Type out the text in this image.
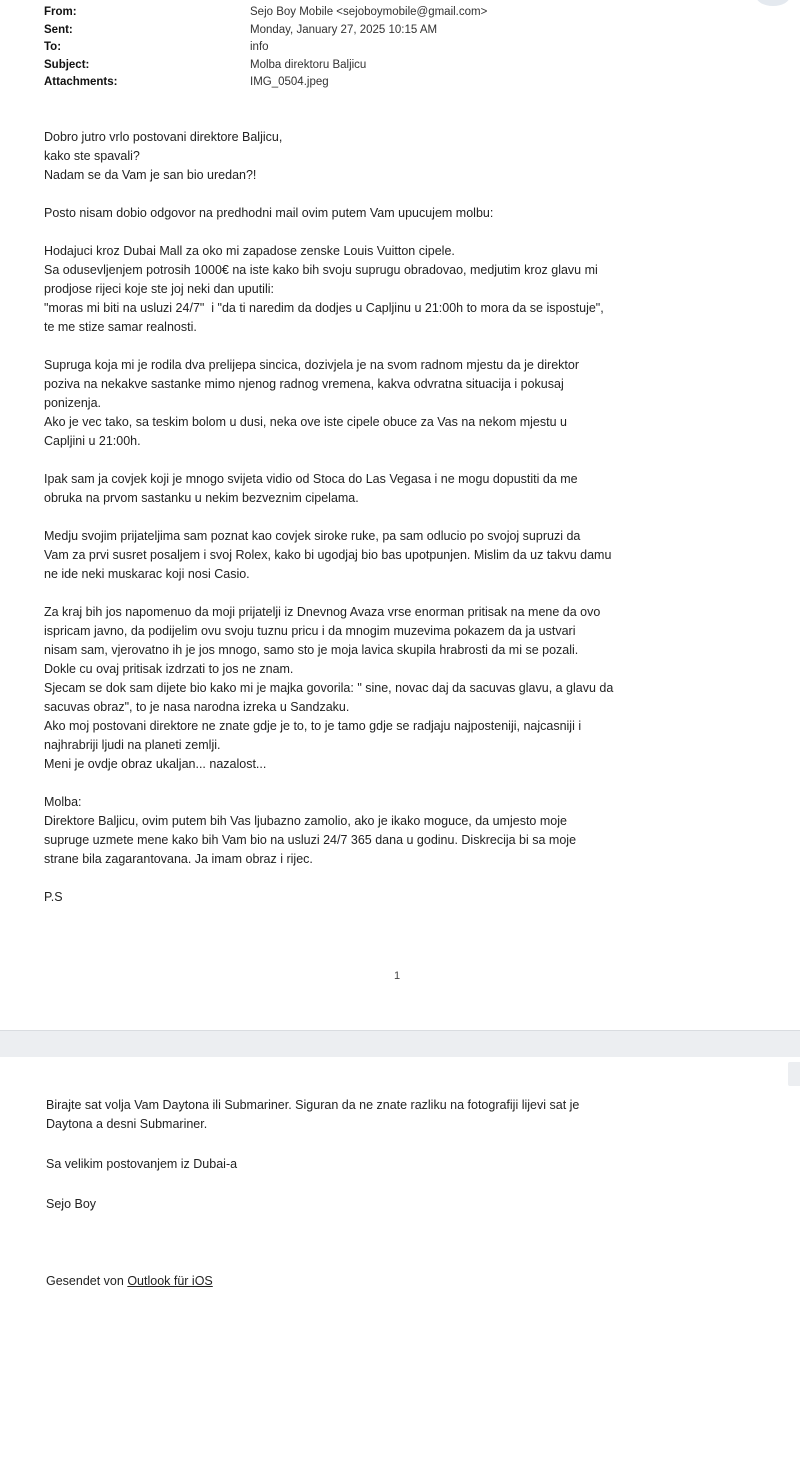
From:	Sejo Boy Mobile <sejoboymobile@gmail.com>
Sent:	Monday, January 27, 2025 10:15 AM
To:	info
Subject:	Molba direktoru Baljicu
Attachments:	IMG_0504.jpeg
Dobro jutro vrlo postovani direktore Baljicu,
kako ste spavali?
Nadam se da Vam je san bio uredan?!
Posto nisam dobio odgovor na predhodni mail ovim putem Vam upucujem molbu:
Hodajuci kroz Dubai Mall za oko mi zapadose zenske Louis Vuitton cipele.
Sa odusevljenjem potrosih 1000€ na iste kako bih svoju suprugu obradovao, medjutim kroz glavu mi
prodjose rijeci koje ste joj neki dan uputili:
"moras mi biti na usluzi 24/7"  i "da ti naredim da dodjes u Capljinu u 21:00h to mora da se ispostuje",
te me stize samar realnosti.
Supruga koja mi je rodila dva prelijepa sincica, dozivjela je na svom radnom mjestu da je direktor
poziva na nekakve sastanke mimo njenog radnog vremena, kakva odvratna situacija i pokusaj
ponizenja.
Ako je vec tako, sa teskim bolom u dusi, neka ove iste cipele obuce za Vas na nekom mjestu u
Capljini u 21:00h.
Ipak sam ja covjek koji je mnogo svijeta vidio od Stoca do Las Vegasa i ne mogu dopustiti da me
obruka na prvom sastanku u nekim bezveznim cipelama.
Medju svojim prijateljima sam poznat kao covjek siroke ruke, pa sam odlucio po svojoj supruzi da
Vam za prvi susret posaljem i svoj Rolex, kako bi ugodjaj bio bas upotpunjen. Mislim da uz takvu damu
ne ide neki muskarac koji nosi Casio.
Za kraj bih jos napomenuo da moji prijatelji iz Dnevnog Avaza vrse enorman pritisak na mene da ovo
ispricam javno, da podijelim ovu svoju tuznu pricu i da mnogim muzevima pokazem da ja ustvari
nisam sam, vjerovatno ih je jos mnogo, samo sto je moja lavica skupila hrabrosti da mi se pozali.
Dokle cu ovaj pritisak izdrzati to jos ne znam.
Sjecam se dok sam dijete bio kako mi je majka govorila: " sine, novac daj da sacuvas glavu, a glavu da
sacuvas obraz", to je nasa narodna izreka u Sandzaku.
Ako moj postovani direktore ne znate gdje je to, to je tamo gdje se radjaju najposteniji, najcasniji i
najhrabriji ljudi na planeti zemlji.
Meni je ovdje obraz ukaljan... nazalost...
Molba:
Direktore Baljicu, ovim putem bih Vas ljubazno zamolio, ako je ikako moguce, da umjesto moje
supruge uzmete mene kako bih Vam bio na usluzi 24/7 365 dana u godinu. Diskrecija bi sa moje
strane bila zagarantovana. Ja imam obraz i rijec.
P.S
1
Birajte sat volja Vam Daytona ili Submariner. Siguran da ne znate razliku na fotografiji lijevi sat je
Daytona a desni Submariner.
Sa velikim postovanjem iz Dubai-a
Sejo Boy
Gesendet von Outlook für iOS
